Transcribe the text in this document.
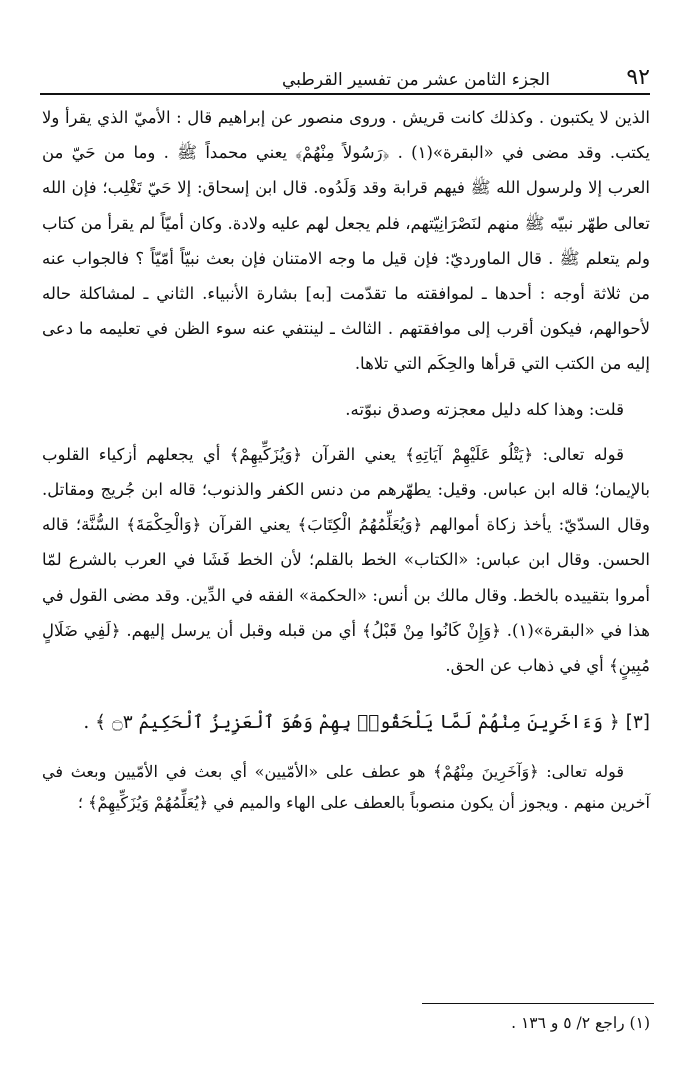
٩٢
الجزء الثامن عشر من تفسير القرطبي

الذين لا يكتبون . وكذلك كانت قريش . وروى منصور عن إبراهيم قال : الأميّ الذي يقرأ ولا يكتب. وقد مضى في «البقرة»(١) . ﴿رَسُولاً مِنْهُمْ﴾ يعني محمداً ﷺ . وما من حَيّ من العرب إلا ولرسول الله ﷺ فيهم قرابة وقد وَلَدُوه. قال ابن إسحاق: إلا حَيّ تَغْلِب؛ فإن الله تعالى طهّر نبيّه ﷺ منهم لنَصْرَانِيّتهم، فلم يجعل لهم عليه ولادة. وكان أميّاً لم يقرأ من كتاب ولم يتعلم ﷺ . قال الماورديّ: فإن قيل ما وجه الامتنان فإن بعث نبيّاً أمّيّاً ؟ فالجواب عنه من ثلاثة أوجه : أحدها ـ لموافقته ما تقدّمت [به] بشارة الأنبياء. الثاني ـ لمشاكلة حاله لأحوالهم، فيكون أقرب إلى موافقتهم . الثالث ـ لينتفي عنه سوء الظن في تعليمه ما دعى إليه من الكتب التي قرأها والحِكَم التي تلاها.

قلت: وهذا كله دليل معجزته وصدق نبوّته.

قوله تعالى: ﴿يَتْلُو عَلَيْهِمْ آيَاتِهِ﴾ يعني القرآن ﴿وَيُزَكِّيهِمْ﴾ أي يجعلهم أزكياء القلوب بالإيمان؛ قاله ابن عباس. وقيل: يطهّرهم من دنس الكفر والذنوب؛ قاله ابن جُريج ومقاتل. وقال السدّيّ: يأخذ زكاة أموالهم ﴿وَيُعَلِّمُهُمُ الْكِتَابَ﴾ يعني القرآن ﴿وَالْحِكْمَةَ﴾ السُّنَّة؛ قاله الحسن. وقال ابن عباس: «الكتاب» الخط بالقلم؛ لأن الخط فَشَا في العرب بالشرع لمّا أمروا بتقييده بالخط. وقال مالك بن أنس: «الحكمة» الفقه في الدِّين. وقد مضى القول في هذا في «البقرة»(١). ﴿وَإِنْ كَانُوا مِنْ قَبْلُ﴾ أي من قبله وقبل أن يرسل إليهم. ﴿لَفِي ضَلَالٍ مُبِينٍ﴾ أي في ذهاب عن الحق.

[٣] ﴿ وَءَاخَرِينَ مِنْهُمْ لَمَّا يَلْحَقُوا۟ بِهِمْ وَهُوَ ٱلْعَزِيزُ ٱلْحَكِيمُ ۝٣ ﴾ .

قوله تعالى: ﴿وَآخَرِينَ مِنْهُمْ﴾ هو عطف على «الأمّيين» أي بعث في الأمّيين وبعث في آخرين منهم . ويجوز أن يكون منصوباً بالعطف على الهاء والميم في ﴿يُعَلِّمُهُمْ وَيُزَكِّيهِمْ﴾ ؛

(١) راجع ٢/ ٥ و ١٣٦ .
